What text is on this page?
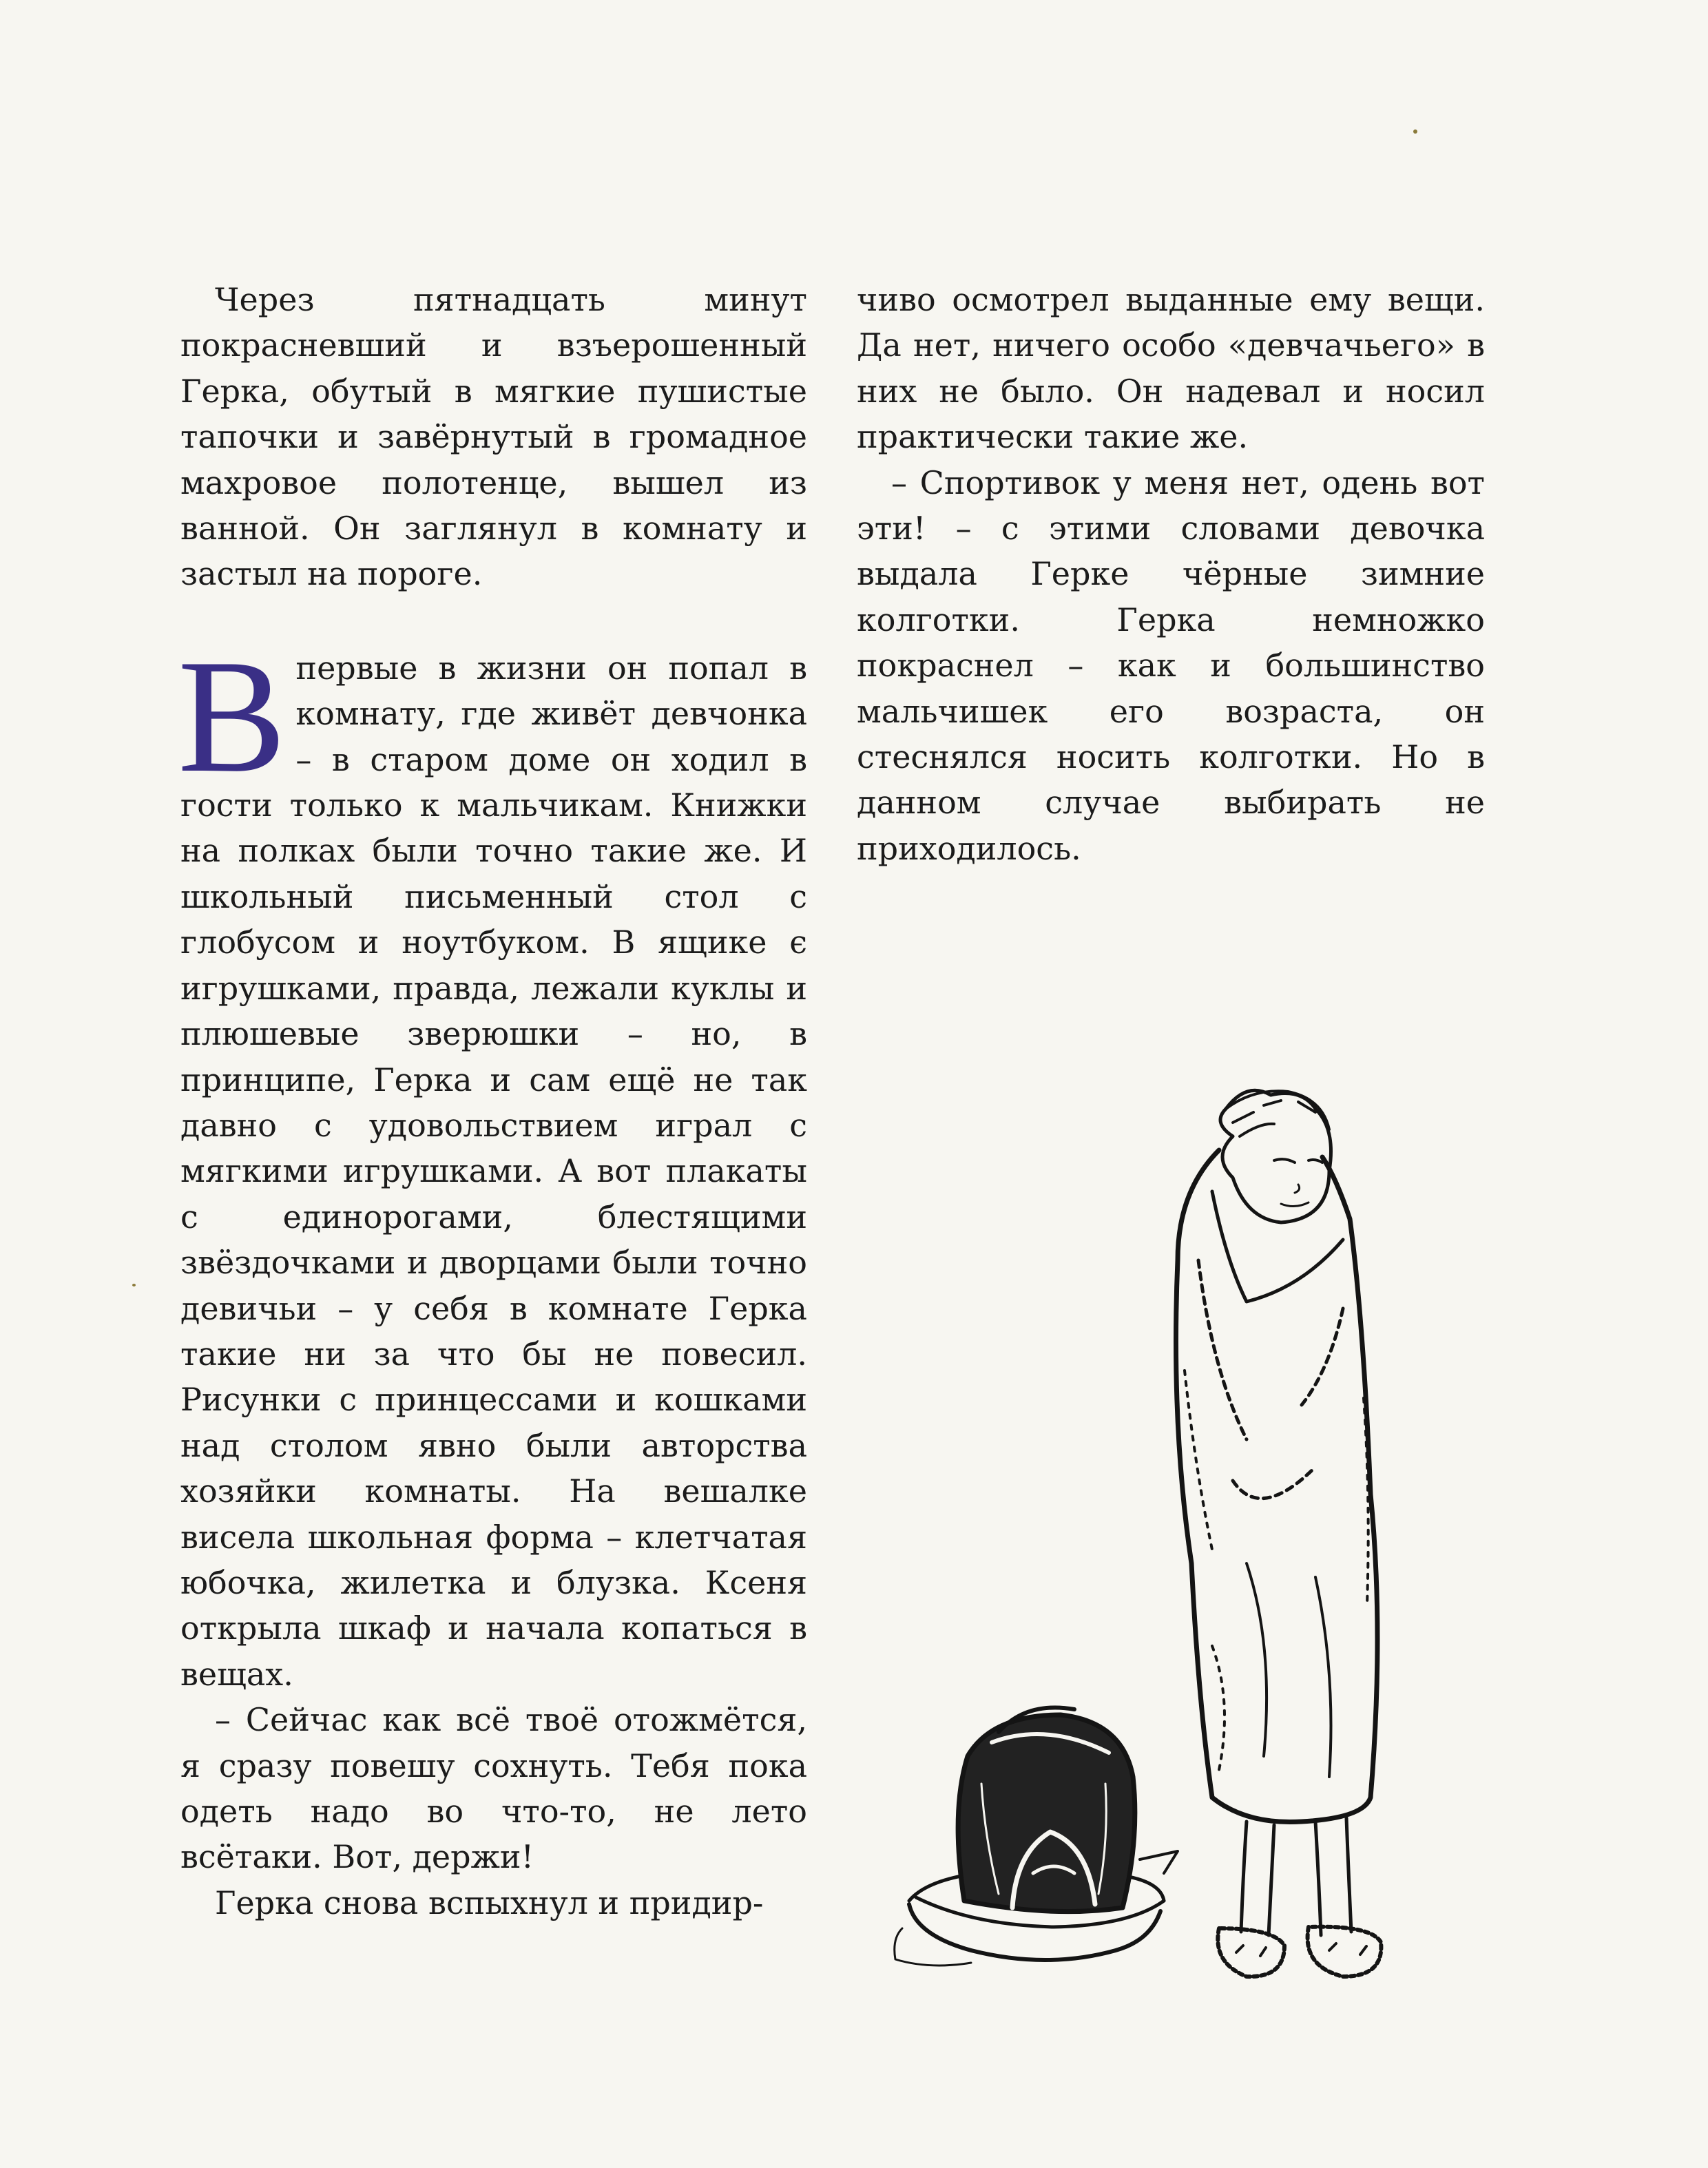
Через пятнадцать минут покрасневший и взъерошенный Герка, обутый в мягкие пушистые тапочки и завёрнутый в громадное махровое полотенце, вышел из ванной. Он заглянул в комнату и застыл на пороге.

Впервые в жизни он попал в комнату, где живёт девчонка – в старом доме он ходил в гости только к мальчикам. Книжки на полках были точно такие же. И школьный письменный стол с глобусом и ноутбуком. В ящике є игрушками, правда, лежали куклы и плюшевые зверюшки – но, в принципе, Герка и сам ещё не так давно с удовольствием играл с мягкими игрушками. А вот плакаты с единорогами, блестящими звёздочками и дворцами были точно девичьи – у себя в комнате Герка такие ни за что бы не повесил. Рисунки с принцессами и кошками над столом явно были авторства хозяйки комнаты. На вешалке висела школьная форма – клетчатая юбочка, жилетка и блузка. Ксеня открыла шкаф и начала копаться в вещах.

– Сейчас как всё твоё отожмётся, я сразу повешу сохнуть. Тебя пока одеть надо во что-то, не лето всётаки. Вот, держи!

Герка снова вспыхнул и придир-

чиво осмотрел выданные ему вещи. Да нет, ничего особо «девчачьего» в них не было. Он надевал и носил практически такие же.

– Спортивок у меня нет, одень вот эти! – с этими словами девочка выдала Герке чёрные зимние колготки. Герка немножко покраснел – как и большинство мальчишек его возраста, он стеснялся носить колготки. Но в данном случае выбирать не приходилось.
